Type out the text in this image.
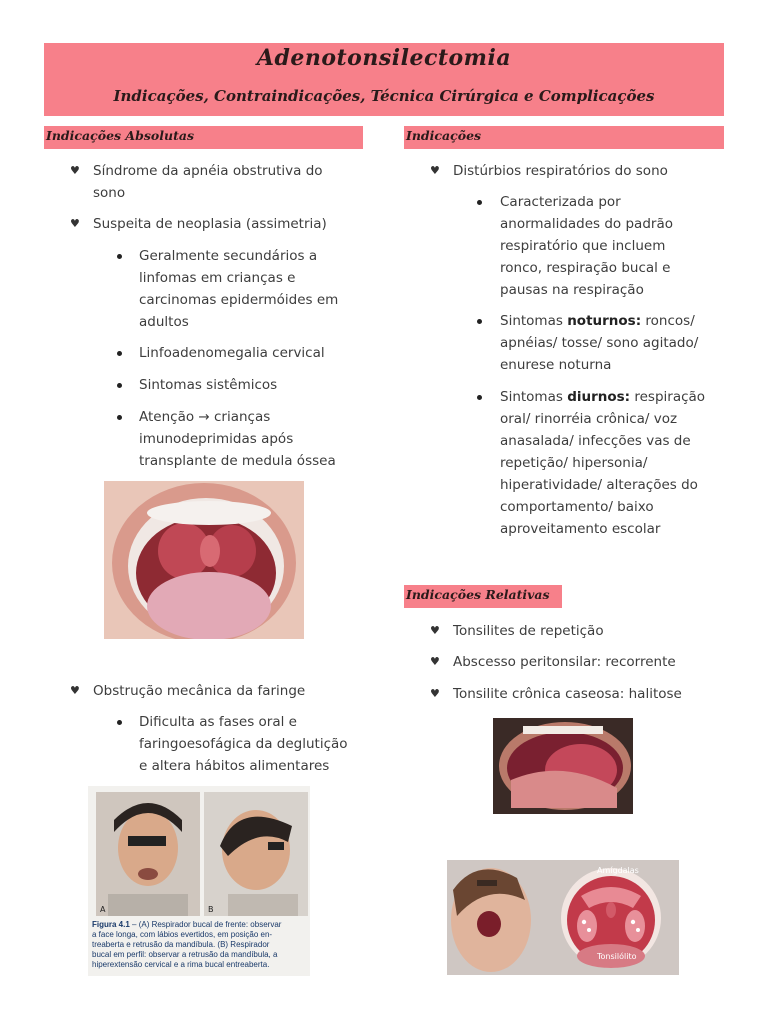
Adenotonsilectomia
Indicações, Contraindicações, Técnica Cirúrgica e Complicações
Indicações Absolutas
♥ Síndrome da apnéia obstrutiva do
sono
♥ Suspeita de neoplasia (assimetria)
Geralmente secundários a
linfomas em crianças e
carcinomas epidermóides em
adultos
Linfoadenomegalia cervical
Sintomas sistêmicos
Atenção → crianças
imunodeprimidas após
transplante de medula óssea
♥ Obstrução mecânica da faringe
Dificulta as fases oral e
faringoesofágica da deglutição
e altera hábitos alimentares
A	B
Figura 4.1 – (A) Respirador bucal de frente: observar
a face longa, com lábios evertidos, em posição en-
treaberta e retrusão da mandíbula. (B) Respirador
bucal em perfil: observar a retrusão da mandíbula, a
hiperextensão cervical e a rima bucal entreaberta.
Indicações
♥ Distúrbios respiratórios do sono
Caracterizada por
anormalidades do padrão
respiratório que incluem
ronco, respiração bucal e
pausas na respiração
Sintomas noturnos: roncos/
apnéias/ tosse/ sono agitado/
enurese noturna
Sintomas diurnos: respiração
oral/ rinorréia crônica/ voz
anasalada/ infecções vas de
repetição/ hipersonia/
hiperatividade/ alterações do
comportamento/ baixo
aproveitamento escolar
Indicações Relativas
♥ Tonsilites de repetição
♥ Abscesso peritonsilar: recorrente
♥ Tonsilite crônica caseosa: halitose
Amígdalas
Tonsilólito
